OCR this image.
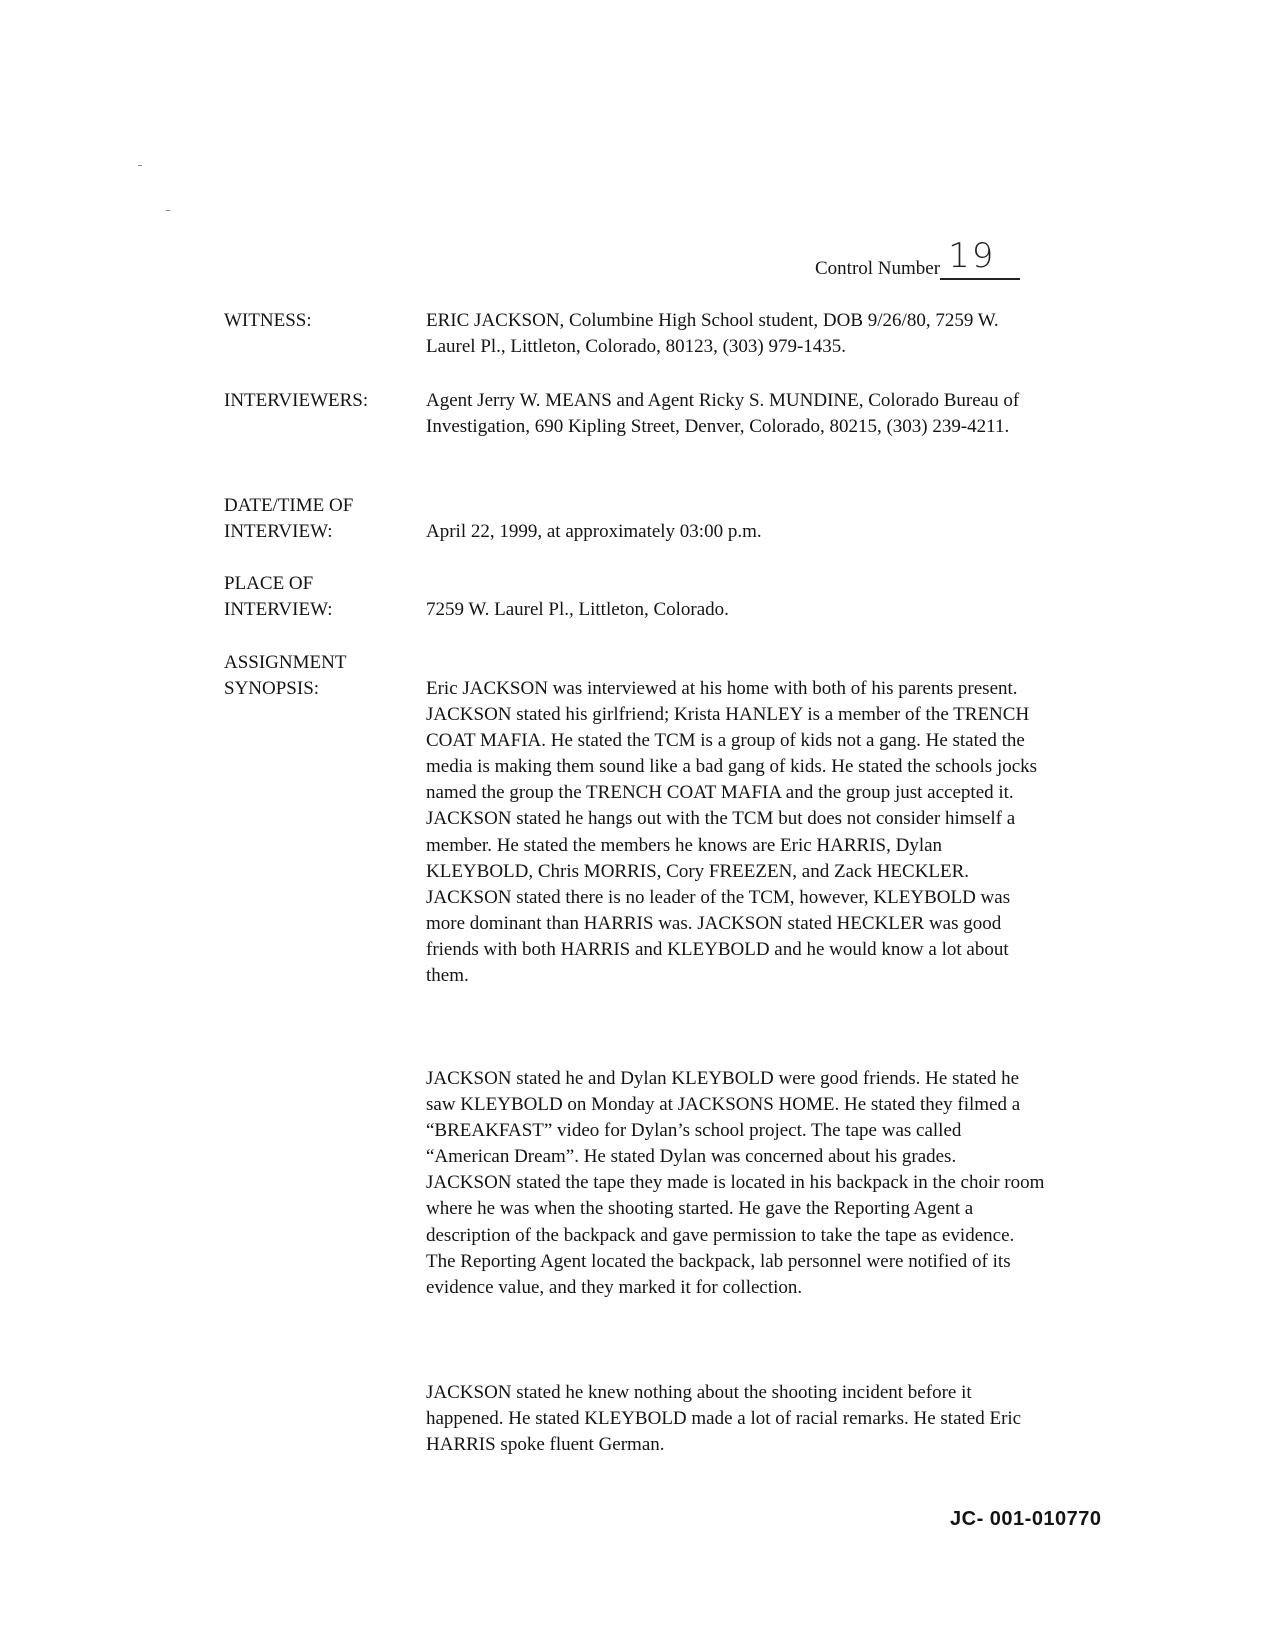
Control Number 19
WITNESS:	ERIC JACKSON, Columbine High School student, DOB 9/26/80, 7259 W. Laurel Pl., Littleton, Colorado, 80123, (303) 979-1435.
INTERVIEWERS:	Agent Jerry W. MEANS and Agent Ricky S. MUNDINE, Colorado Bureau of Investigation, 690 Kipling Street, Denver, Colorado, 80215, (303) 239-4211.
DATE/TIME OF
INTERVIEW:	April 22, 1999, at approximately 03:00 p.m.
PLACE OF
INTERVIEW:	7259 W. Laurel Pl., Littleton, Colorado.
ASSIGNMENT
SYNOPSIS:	Eric JACKSON was interviewed at his home with both of his parents present. JACKSON stated his girlfriend; Krista HANLEY is a member of the TRENCH COAT MAFIA. He stated the TCM is a group of kids not a gang. He stated the media is making them sound like a bad gang of kids. He stated the schools jocks named the group the TRENCH COAT MAFIA and the group just accepted it. JACKSON stated he hangs out with the TCM but does not consider himself a member. He stated the members he knows are Eric HARRIS, Dylan KLEYBOLD, Chris MORRIS, Cory FREEZEN, and Zack HECKLER. JACKSON stated there is no leader of the TCM, however, KLEYBOLD was more dominant than HARRIS was. JACKSON stated HECKLER was good friends with both HARRIS and KLEYBOLD and he would know a lot about them.

JACKSON stated he and Dylan KLEYBOLD were good friends. He stated he saw KLEYBOLD on Monday at JACKSONS HOME. He stated they filmed a “BREAKFAST” video for Dylan’s school project. The tape was called “American Dream”. He stated Dylan was concerned about his grades. JACKSON stated the tape they made is located in his backpack in the choir room where he was when the shooting started. He gave the Reporting Agent a description of the backpack and gave permission to take the tape as evidence. The Reporting Agent located the backpack, lab personnel were notified of its evidence value, and they marked it for collection.

JACKSON stated he knew nothing about the shooting incident before it happened. He stated KLEYBOLD made a lot of racial remarks. He stated Eric HARRIS spoke fluent German.

JC- 001-010770
